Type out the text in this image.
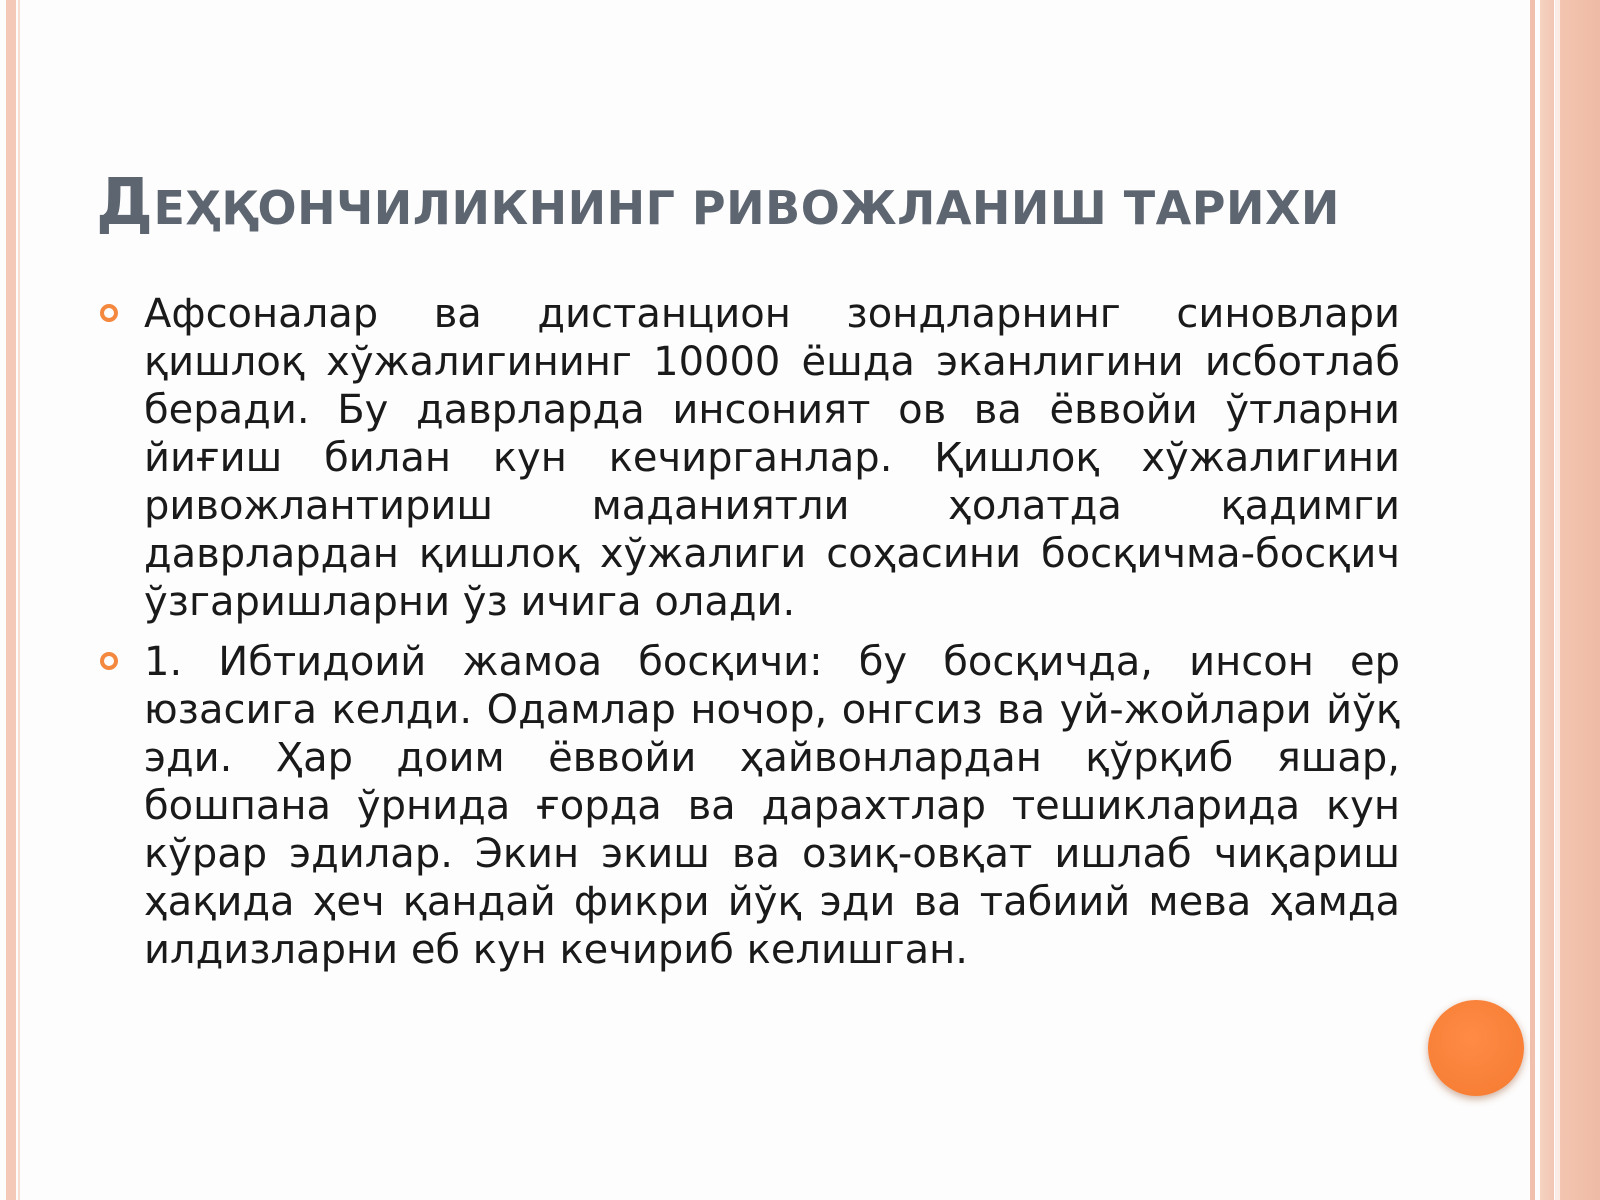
ДЕҲҚОНЧИЛИКНИНГ РИВОЖЛАНИШ ТАРИХИ

Афсоналар ва дистанцион зондларнинг синовлари қишлоқ хўжалигининг 10000 ёшда эканлигини исботлаб беради. Бу даврларда инсоният ов ва ёввойи ўтларни йиғиш билан кун кечирганлар. Қишлоқ хўжалигини ривожлантириш маданиятли ҳолатда қадимги даврлардан қишлоқ хўжалиги соҳасини босқичма-босқич ўзгаришларни ўз ичига олади.

1. Ибтидоий жамоа босқичи: бу босқичда, инсон ер юзасига келди. Одамлар ночор, онгсиз ва уй-жойлари йўқ эди. Ҳар доим ёввойи ҳайвонлардан қўрқиб яшар, бошпана ўрнида ғорда ва дарахтлар тешикларида кун кўрар эдилар. Экин экиш ва озиқ-овқат ишлаб чиқариш ҳақида ҳеч қандай фикри йўқ эди ва табиий мева ҳамда илдизларни еб кун кечириб келишган.
